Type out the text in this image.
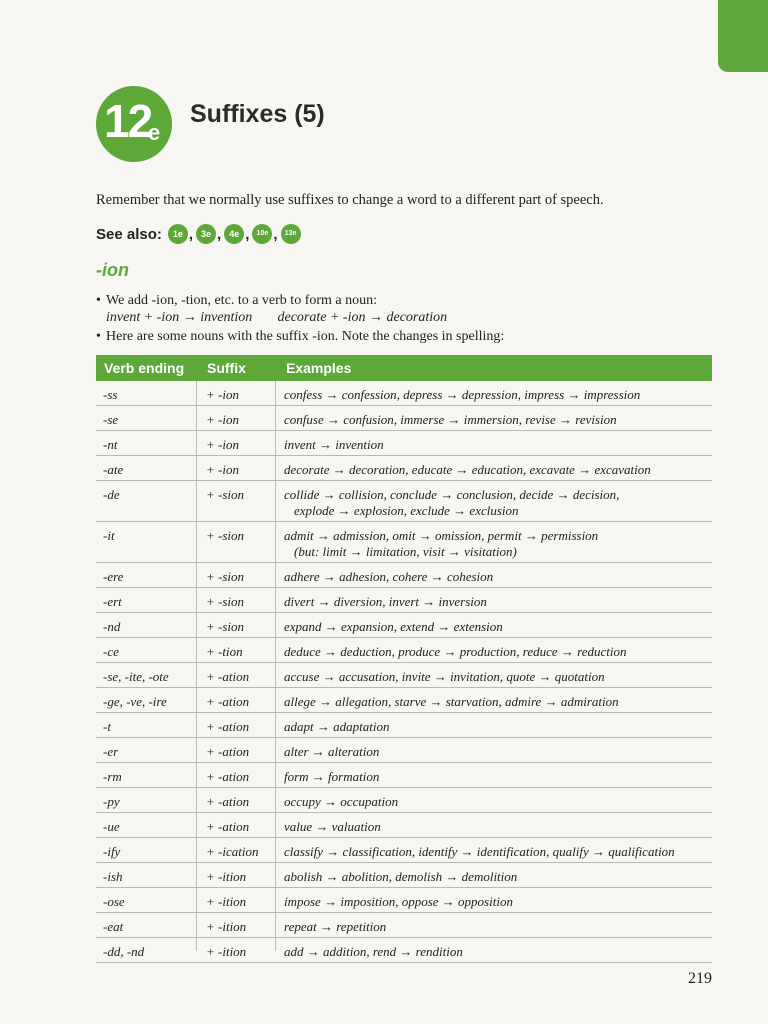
12
e
Suffixes (5)
Remember that we normally use suffixes to change a word to a different part of speech.
See also:	1e , 3e , 4e ,	10e ,	13e
-ion
• We add -ion, -tion, etc. to a verb to form a noun:
invent + -ion → invention decorate + -ion → decoration
• Here are some nouns with the suffix -ion. Note the changes in spelling:
Verb ending Suffix	Examples
-ss	+ -ion	confess → confession, depress → depression, impress → impression
-se	+ -ion	confuse → confusion, immerse → immersion, revise → revision
-nt	+ -ion	invent → invention
-ate	+ -ion	decorate → decoration, educate → education, excavate → excavation
-de	+ -sion	collide → collision, conclude → conclusion, decide → decision,
explode → explosion, exclude → exclusion
-it	+ -sion	admit → admission, omit → omission, permit → permission
(but: limit → limitation, visit → visitation)
-ere	+ -sion	adhere → adhesion, cohere → cohesion
-ert	+ -sion	divert → diversion, invert → inversion
-nd	+ -sion	expand → expansion, extend → extension
-ce	+ -tion	deduce → deduction, produce → production, reduce → reduction
-se, -ite, -ote	+ -ation	accuse → accusation, invite → invitation, quote → quotation
-ge, -ve, -ire	+ -ation	allege → allegation, starve → starvation, admire → admiration
-t	+ -ation	adapt → adaptation
-er	+ -ation	alter → alteration
-rm	+ -ation	form → formation
-py	+ -ation	occupy → occupation
-ue	+ -ation	value → valuation
-ify	+ -ication classify → classification, identify → identification, qualify → qualification
-ish	+ -ition	abolish → abolition, demolish → demolition
-ose	+ -ition	impose → imposition, oppose → opposition
-eat	+ -ition	repeat → repetition
-dd, -nd	+ -ition	add → addition, rend → rendition
219
